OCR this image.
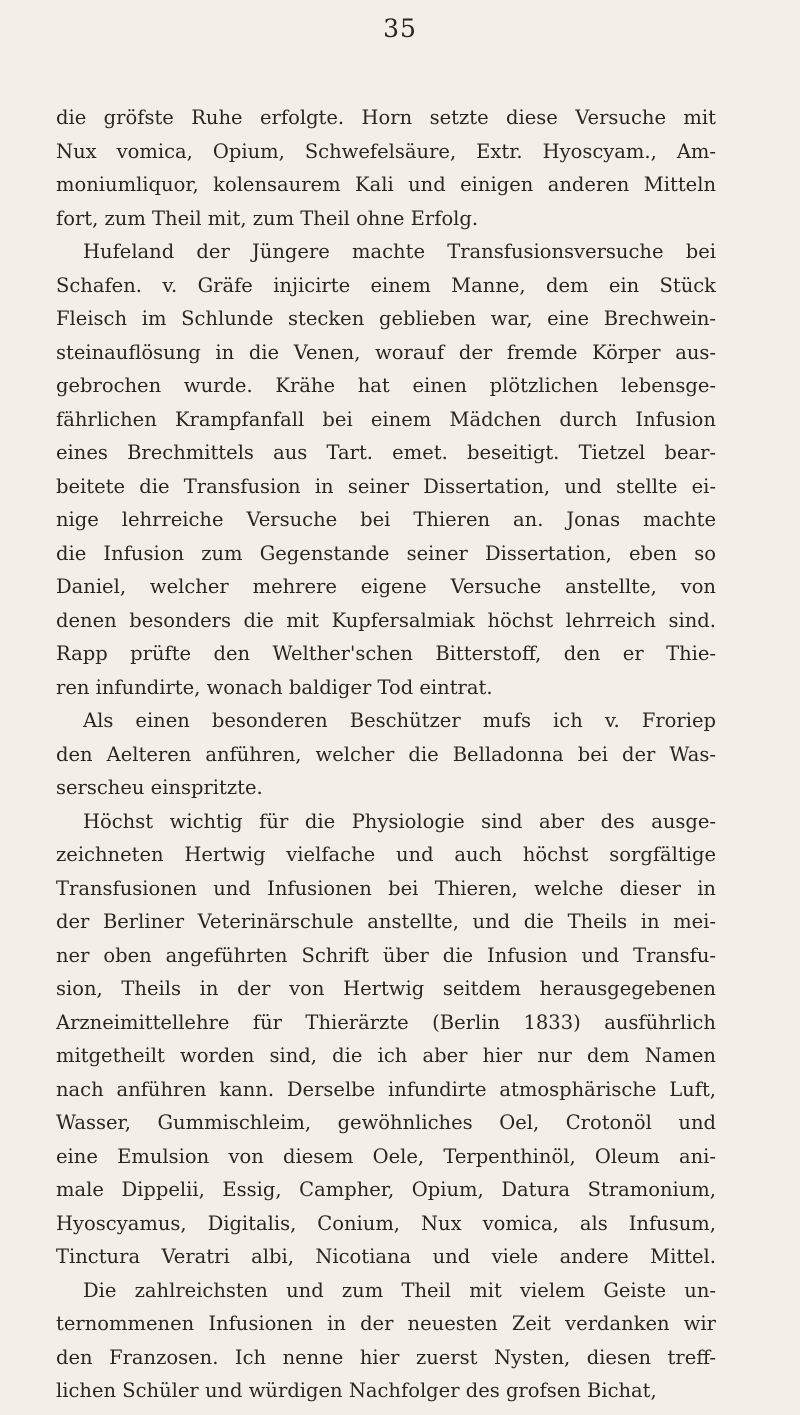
35
die gröfste Ruhe erfolgte. Horn setzte diese Versuche mit
Nux vomica, Opium, Schwefelsäure, Extr. Hyoscyam., Am-
moniumliquor, kolensaurem Kali und einigen anderen Mitteln
fort, zum Theil mit, zum Theil ohne Erfolg.
Hufeland der Jüngere machte Transfusionsversuche bei
Schafen. v. Gräfe injicirte einem Manne, dem ein Stück
Fleisch im Schlunde stecken geblieben war, eine Brechwein-
steinauflösung in die Venen, worauf der fremde Körper aus-
gebrochen wurde. Krähe hat einen plötzlichen lebensge-
fährlichen Krampfanfall bei einem Mädchen durch Infusion
eines Brechmittels aus Tart. emet. beseitigt. Tietzel bear-
beitete die Transfusion in seiner Dissertation, und stellte ei-
nige lehrreiche Versuche bei Thieren an. Jonas machte
die Infusion zum Gegenstande seiner Dissertation, eben so
Daniel, welcher mehrere eigene Versuche anstellte, von
denen besonders die mit Kupfersalmiak höchst lehrreich sind.
Rapp prüfte den Welther'schen Bitterstoff, den er Thie-
ren infundirte, wonach baldiger Tod eintrat.
Als einen besonderen Beschützer mufs ich v. Froriep
den Aelteren anführen, welcher die Belladonna bei der Was-
serscheu einspritzte.
Höchst wichtig für die Physiologie sind aber des ausge-
zeichneten Hertwig vielfache und auch höchst sorgfältige
Transfusionen und Infusionen bei Thieren, welche dieser in
der Berliner Veterinärschule anstellte, und die Theils in mei-
ner oben angeführten Schrift über die Infusion und Transfu-
sion, Theils in der von Hertwig seitdem herausgegebenen
Arzneimittellehre für Thierärzte (Berlin 1833) ausführlich
mitgetheilt worden sind, die ich aber hier nur dem Namen
nach anführen kann. Derselbe infundirte atmosphärische Luft,
Wasser, Gummischleim, gewöhnliches Oel, Crotonöl und
eine Emulsion von diesem Oele, Terpenthinöl, Oleum ani-
male Dippelii, Essig, Campher, Opium, Datura Stramonium,
Hyoscyamus, Digitalis, Conium, Nux vomica, als Infusum,
Tinctura Veratri albi, Nicotiana und viele andere Mittel.
Die zahlreichsten und zum Theil mit vielem Geiste un-
ternommenen Infusionen in der neuesten Zeit verdanken wir
den Franzosen. Ich nenne hier zuerst Nysten, diesen treff-
lichen Schüler und würdigen Nachfolger des grofsen Bichat,
